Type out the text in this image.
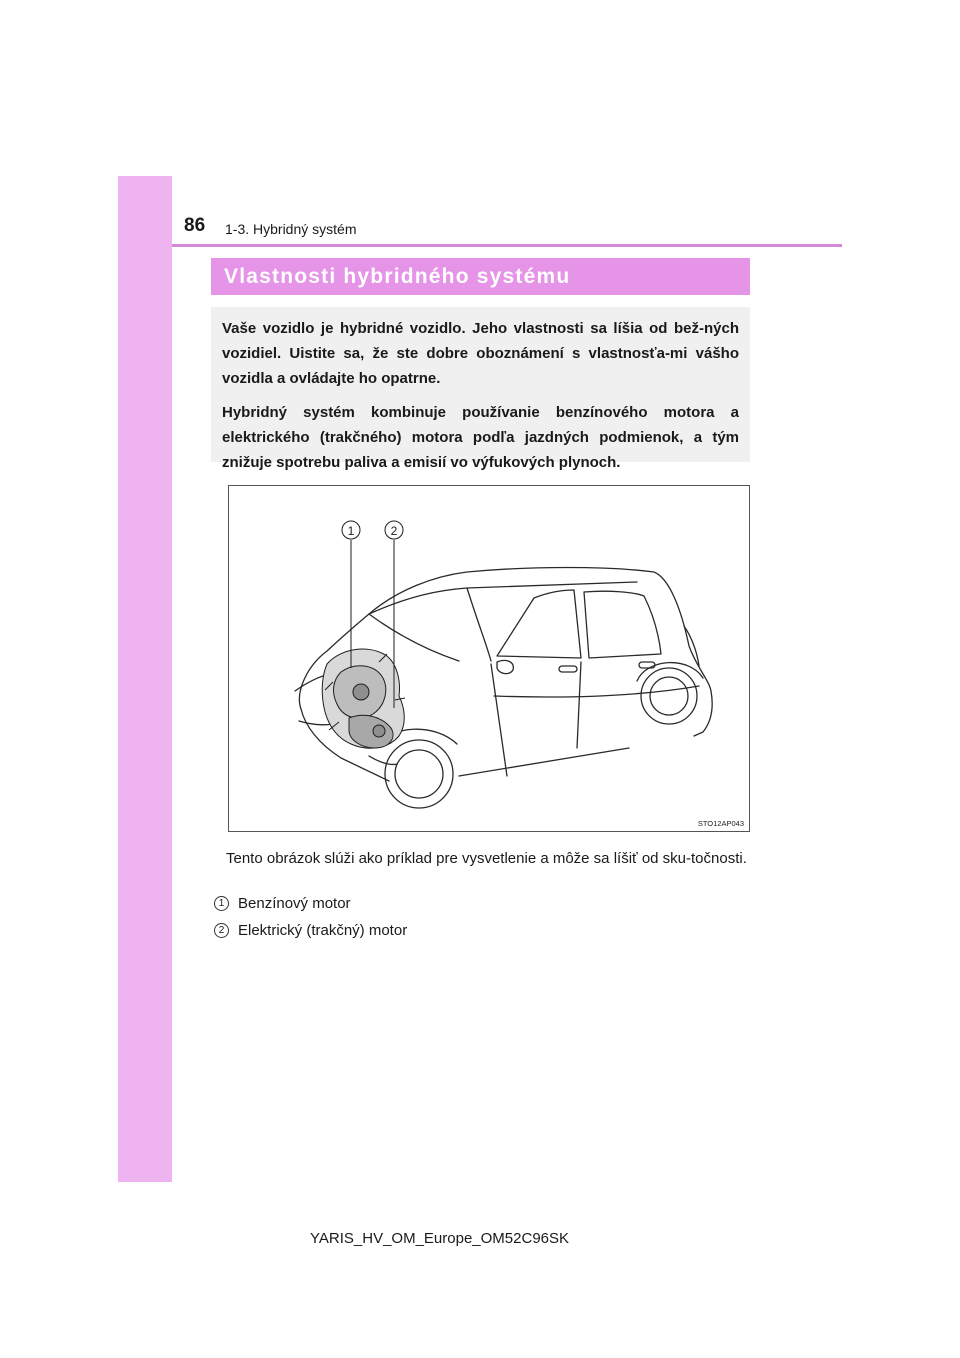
86 1-3. Hybridný systém
Vlastnosti hybridného systému

Vaše vozidlo je hybridné vozidlo. Jeho vlastnosti sa líšia od bež-ných vozidiel. Uistite sa, že ste dobre oboznámení s vlastnosťa-mi vášho vozidla a ovládajte ho opatrne.

Hybridný systém kombinuje používanie benzínového motora a elektrického (trakčného) motora podľa jazdných podmienok, a tým znižuje spotrebu paliva a emisií vo výfukových plynoch.

1	2
STO12AP043
Tento obrázok slúži ako príklad pre vysvetlenie a môže sa líšiť od sku-točnosti.
1 Benzínový motor
2 Elektrický (trakčný) motor
YARIS_HV_OM_Europe_OM52C96SK
